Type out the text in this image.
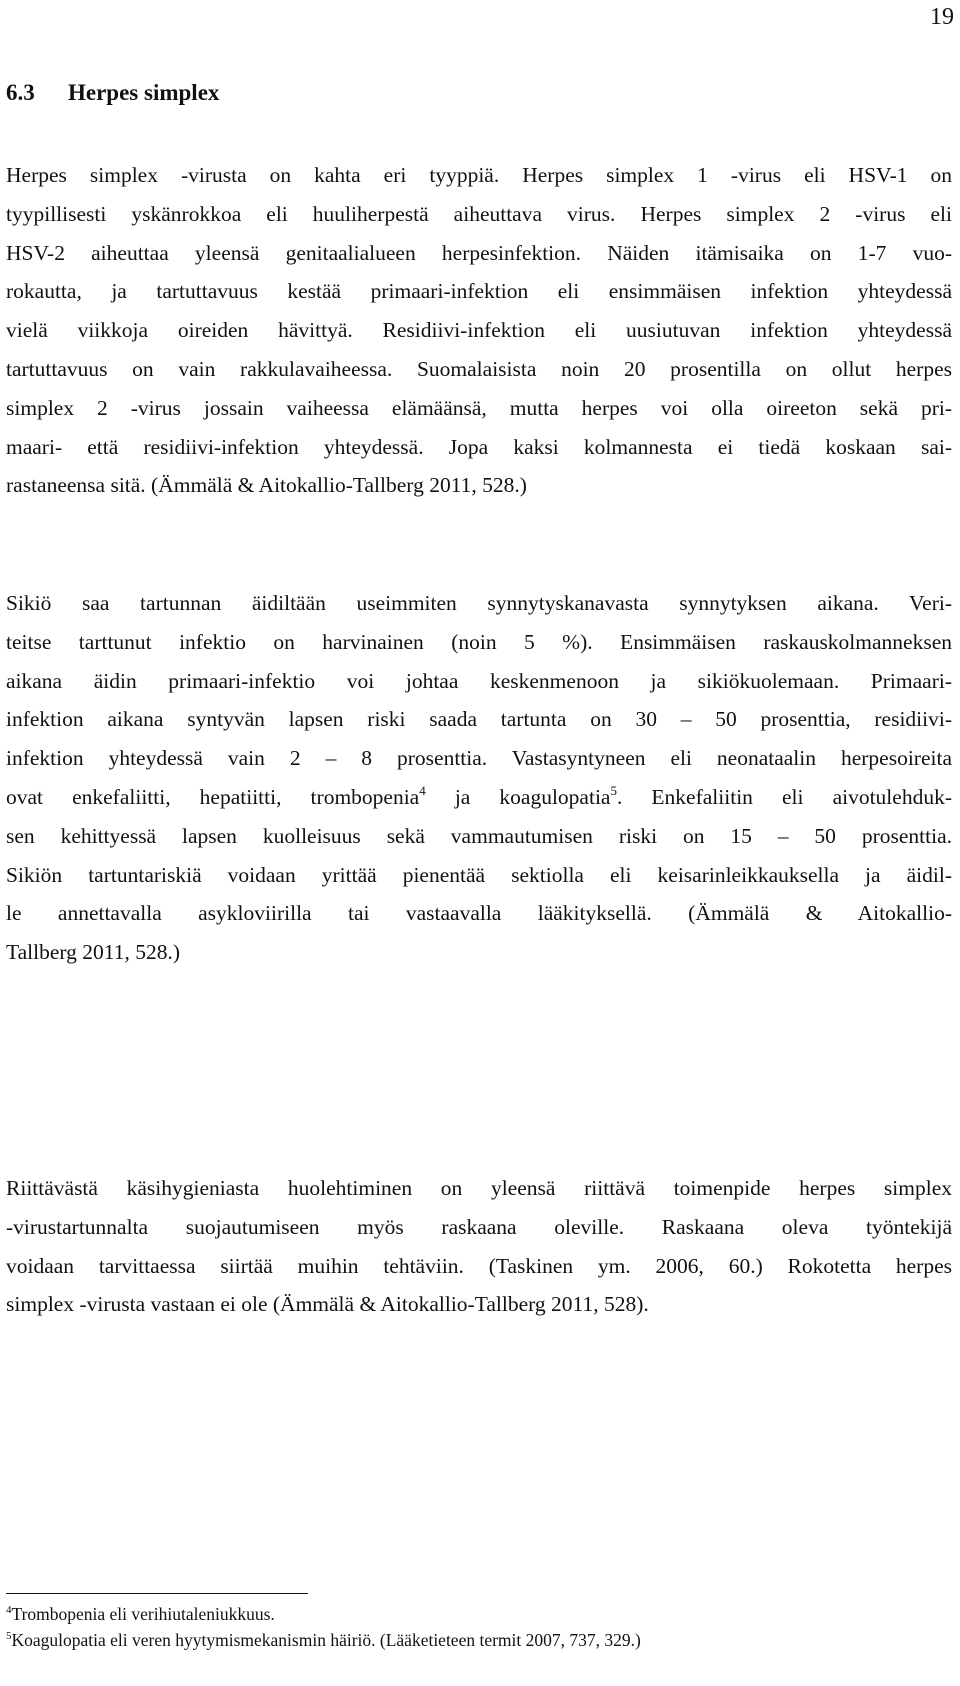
19
6.3 Herpes simplex
Herpes simplex -virusta on kahta eri tyyppiä. Herpes simplex 1 -virus eli HSV-1 on
tyypillisesti yskänrokkoa eli huuliherpestä aiheuttava virus. Herpes simplex 2 -virus eli
HSV-2 aiheuttaa yleensä genitaalialueen herpesinfektion. Näiden itämisaika on 1-7 vuo-
rokautta, ja tartuttavuus kestää primaari-infektion eli ensimmäisen infektion yhteydessä
vielä viikkoja oireiden hävittyä. Residiivi-infektion eli uusiutuvan infektion yhteydessä
tartuttavuus on vain rakkulavaiheessa. Suomalaisista noin 20 prosentilla on ollut herpes
simplex 2 -virus jossain vaiheessa elämäänsä, mutta herpes voi olla oireeton sekä pri-
maari- että residiivi-infektion yhteydessä. Jopa kaksi kolmannesta ei tiedä koskaan sai-
rastaneensa sitä. (Ämmälä & Aitokallio-Tallberg 2011, 528.)
Sikiö saa tartunnan äidiltään useimmiten synnytyskanavasta synnytyksen aikana. Veri-
teitse tarttunut infektio on harvinainen (noin 5 %). Ensimmäisen raskauskolmanneksen
aikana äidin primaari-infektio voi johtaa keskenmenoon ja sikiökuolemaan. Primaari-
infektion aikana syntyvän lapsen riski saada tartunta on 30 – 50 prosenttia, residiivi-
infektion yhteydessä vain 2 – 8 prosenttia. Vastasyntyneen eli neonataalin herpesoireita
ovat enkefaliitti, hepatiitti, trombopenia$^4$ ja koagulopatia$^5$. Enkefaliitin eli aivotulehduk-
sen kehittyessä lapsen kuolleisuus sekä vammautumisen riski on 15 – 50 prosenttia.
Sikiön tartuntariskiä voidaan yrittää pienentää sektiolla eli keisarinleikkauksella ja äidil-
le annettavalla asykloviirilla tai vastaavalla lääkityksellä. (Ämmälä & Aitokallio-
Tallberg 2011, 528.)
Riittävästä käsihygieniasta huolehtiminen on yleensä riittävä toimenpide herpes simplex
-virustartunnalta suojautumiseen myös raskaana oleville. Raskaana oleva työntekijä
voidaan tarvittaessa siirtää muihin tehtäviin. (Taskinen ym. 2006, 60.) Rokotetta herpes
simplex -virusta vastaan ei ole (Ämmälä & Aitokallio-Tallberg 2011, 528).
$^4$Trombopenia eli verihiutaleniukkuus.
$^5$Koagulopatia eli veren hyytymismekanismin häiriö. (Lääketieteen termit 2007, 737, 329.)
